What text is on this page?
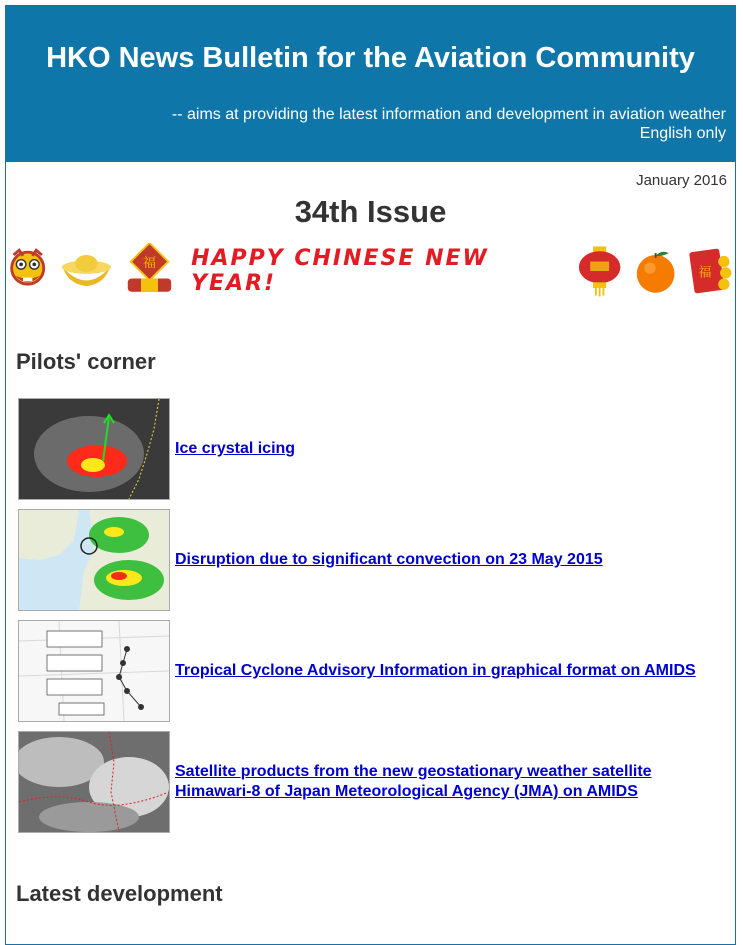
HKO News Bulletin for the Aviation Community
-- aims at providing the latest information and development in aviation weather
English only
January 2016
34th Issue
福 HAPPY CHINESE NEW YEAR!	福
Pilots' corner
Ice crystal icing
Disruption due to significant convection on 23 May 2015
Tropical Cyclone Advisory Information in graphical format on AMIDS
Satellite products from the new geostationary weather satellite Himawari-8 of Japan Meteorological Agency (JMA) on AMIDS
Latest development
